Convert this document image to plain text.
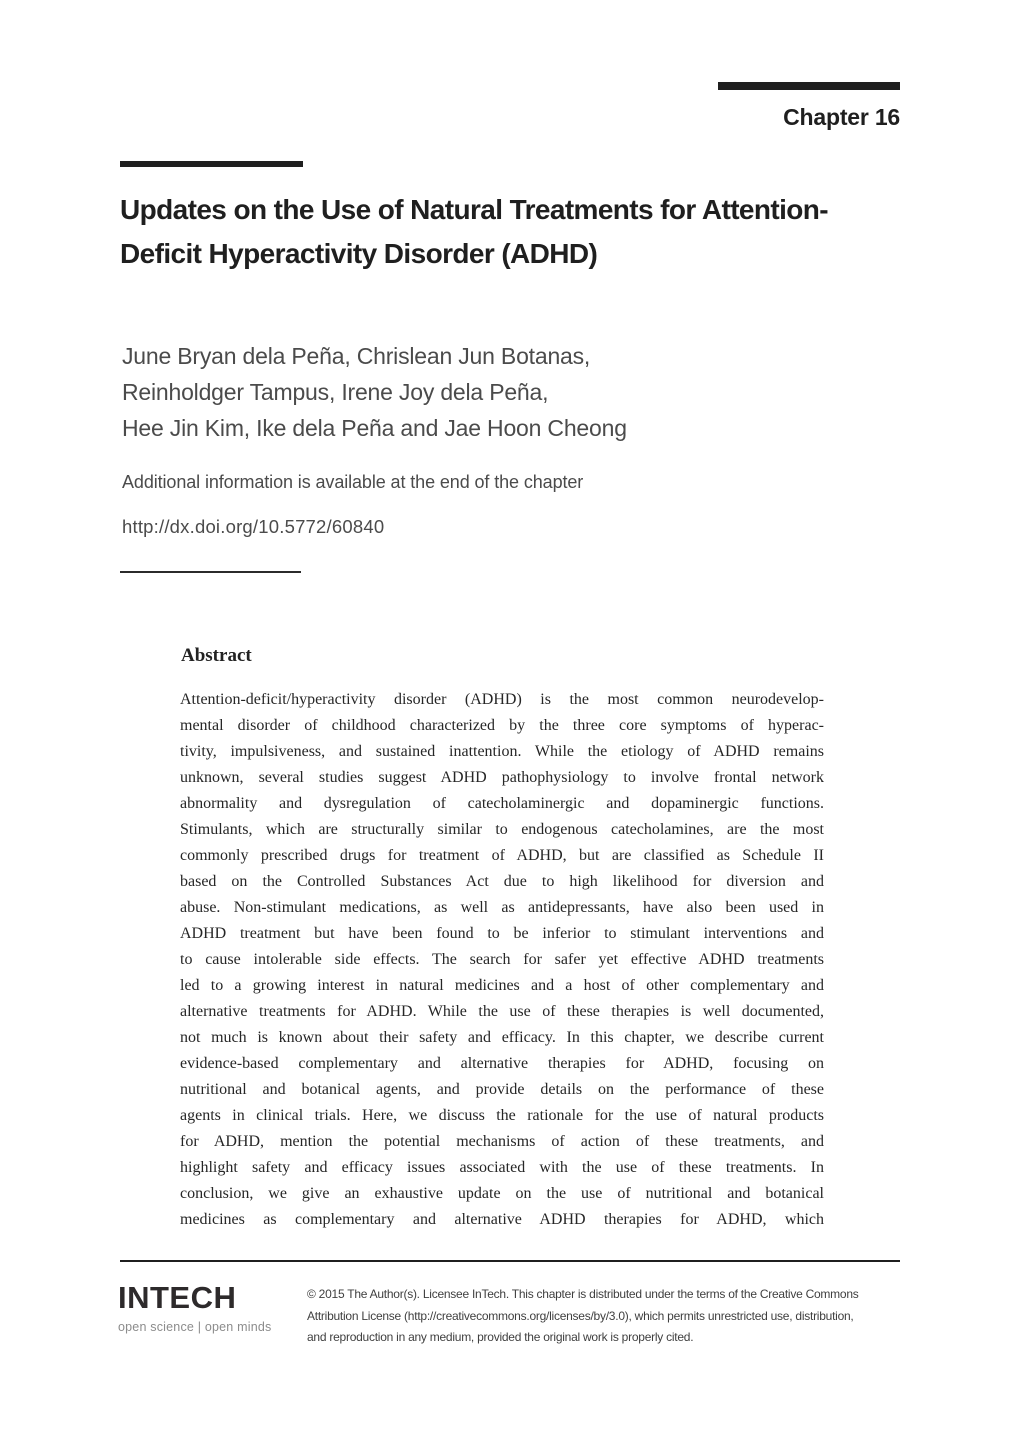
Chapter 16
Updates on the Use of Natural Treatments for Attention-
Deficit Hyperactivity Disorder (ADHD)
June Bryan dela Peña, Chrislean Jun Botanas,
Reinholdger Tampus, Irene Joy dela Peña,
Hee Jin Kim, Ike dela Peña and Jae Hoon Cheong
Additional information is available at the end of the chapter
http://dx.doi.org/10.5772/60840
Abstract
Attention-deficit/hyperactivity disorder (ADHD) is the most common neurodevelop-
mental disorder of childhood characterized by the three core symptoms of hyperac-
tivity, impulsiveness, and sustained inattention. While the etiology of ADHD remains
unknown, several studies suggest ADHD pathophysiology to involve frontal network
abnormality and dysregulation of catecholaminergic and dopaminergic functions.
Stimulants, which are structurally similar to endogenous catecholamines, are the most
commonly prescribed drugs for treatment of ADHD, but are classified as Schedule II
based on the Controlled Substances Act due to high likelihood for diversion and
abuse. Non-stimulant medications, as well as antidepressants, have also been used in
ADHD treatment but have been found to be inferior to stimulant interventions and
to cause intolerable side effects. The search for safer yet effective ADHD treatments
led to a growing interest in natural medicines and a host of other complementary and
alternative treatments for ADHD. While the use of these therapies is well documented,
not much is known about their safety and efficacy. In this chapter, we describe current
evidence-based complementary and alternative therapies for ADHD, focusing on
nutritional and botanical agents, and provide details on the performance of these
agents in clinical trials. Here, we discuss the rationale for the use of natural products
for ADHD, mention the potential mechanisms of action of these treatments, and
highlight safety and efficacy issues associated with the use of these treatments. In
conclusion, we give an exhaustive update on the use of nutritional and botanical
medicines as complementary and alternative ADHD therapies for ADHD, which
INTECH
open science | open minds
© 2015 The Author(s). Licensee InTech. This chapter is distributed under the terms of the Creative Commons
Attribution License (http://creativecommons.org/licenses/by/3.0), which permits unrestricted use, distribution,
and reproduction in any medium, provided the original work is properly cited.
